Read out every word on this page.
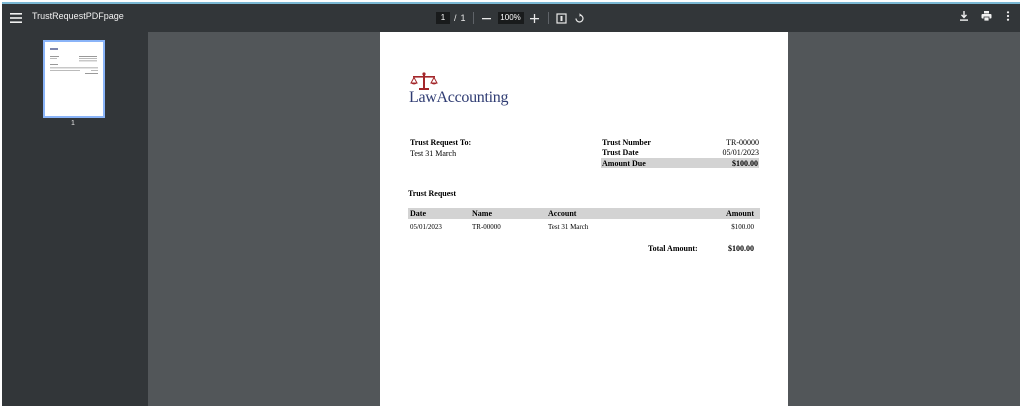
TrustRequestPDFpage	1 / 1	100%
1
LawAccounting
Trust Request To:
Test 31 March
Trust Number	TR-00000
Trust Date	05/01/2023
Amount Due	$100.00
Trust Request
Date	Name	Account	Amount
05/01/2023	TR-00000	Test 31 March	$100.00
Total Amount:	$100.00
